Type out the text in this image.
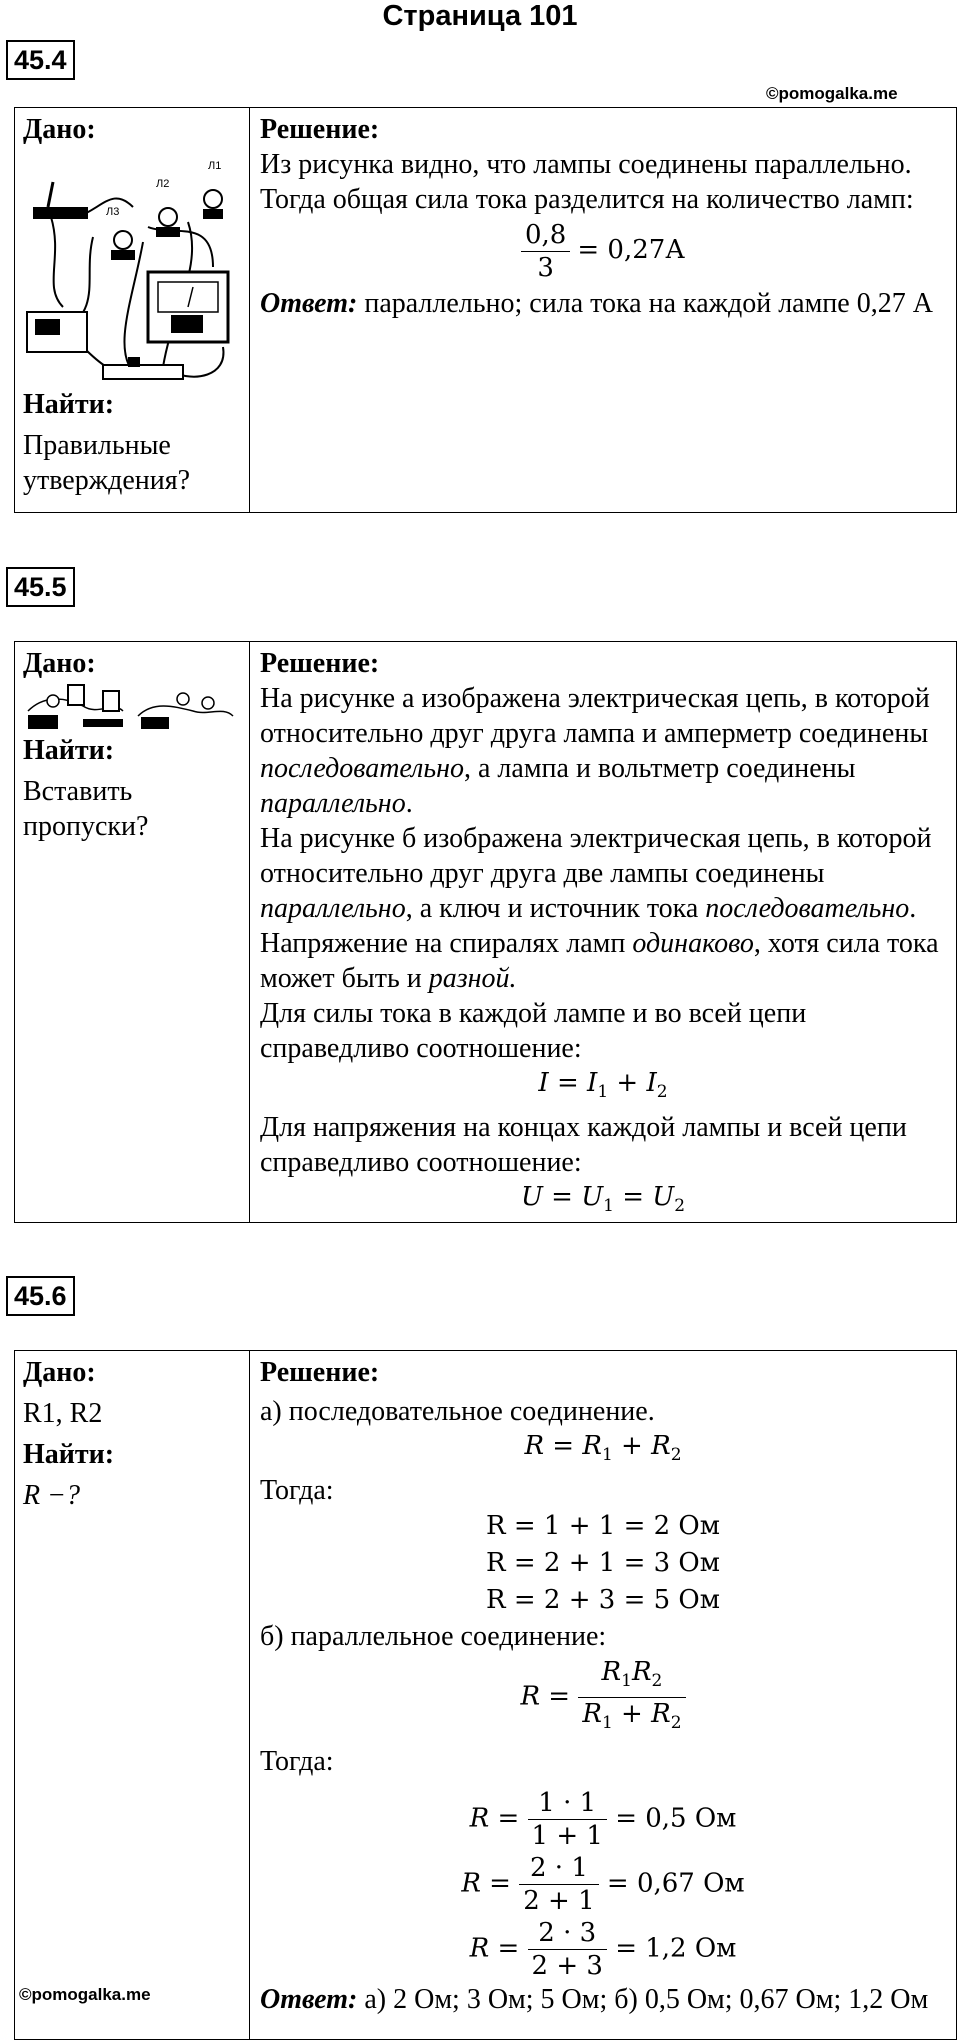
Страница 101
45.4
©pomogalka.me
Дано:
Л1
Л2
Л3
Найти:
Правильные утверждения?
Решение:
Из рисунка видно, что лампы соединены параллельно. Тогда общая сила тока разделится на количество ламп:
$\frac{0,8}{3} = 0,27А$
Ответ: параллельно; сила тока на каждой лампе 0,27 А
45.5
Дано:
Найти:
Вставить пропуски?
Решение:
На рисунке а изображена электрическая цепь, в которой относительно друг друга лампа и амперметр соединены последовательно, а лампа и вольтметр соединены параллельно.
На рисунке б изображена электрическая цепь, в которой относительно друг друга две лампы соединены параллельно, а ключ и источник тока последовательно. Напряжение на спиралях ламп одинаково, хотя сила тока может быть и разной.
Для силы тока в каждой лампе и во всей цепи справедливо соотношение:
$I = I_1 + I_2$
Для напряжения на концах каждой лампы и всей цепи справедливо соотношение:
$U = U_1 = U_2$
45.6
Дано:
R1, R2
Найти:
R −?
©pomogalka.me
Решение:
а) последовательное соединение.
$R = R_1 + R_2$
Тогда:
R = 1 + 1 = 2 Ом
R = 2 + 1 = 3 Ом
R = 2 + 3 = 5 Ом
б) параллельное соединение:
$R = \frac{R_1R_2}{R_1 + R_2}$
Тогда:
$R = \frac{1 \cdot 1}{1 + 1} = 0,5$ Ом
$R = \frac{2 \cdot 1}{2 + 1} = 0,67$ Ом
$R = \frac{2 \cdot 3}{2 + 3} = 1,2$ Ом
Ответ: а) 2 Ом; 3 Ом; 5 Ом; б) 0,5 Ом; 0,67 Ом; 1,2 Ом
